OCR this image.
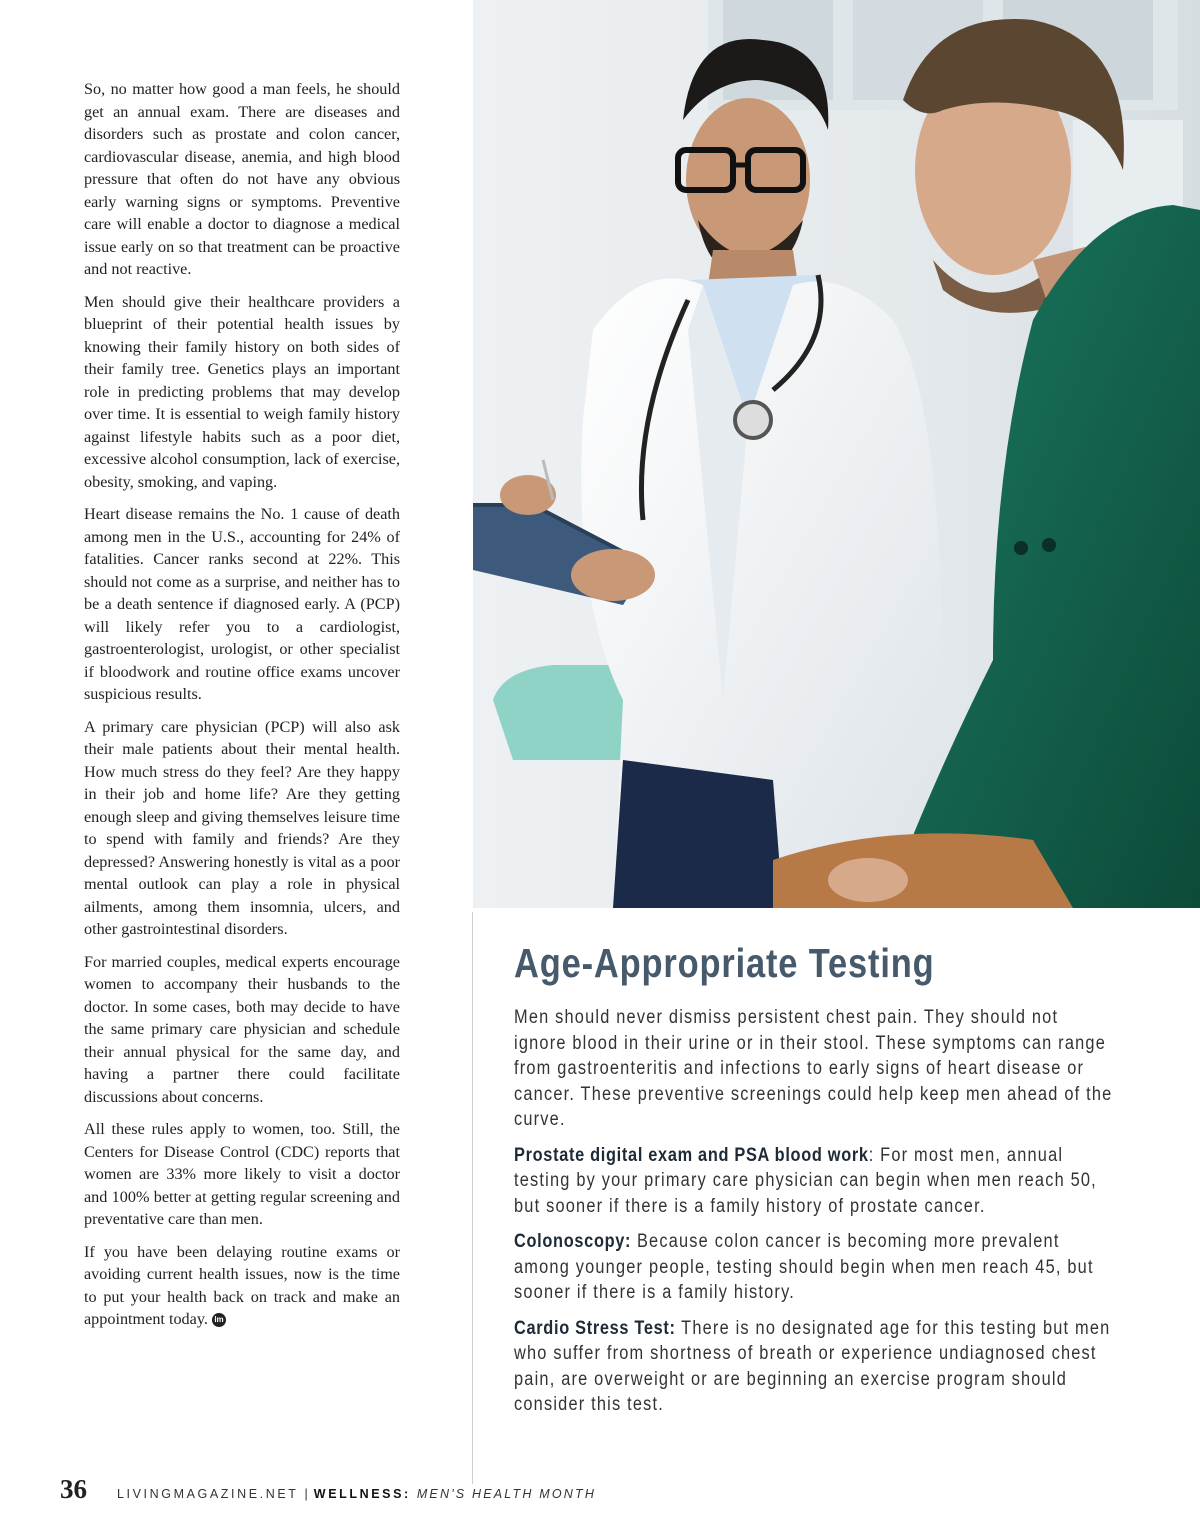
So, no matter how good a man feels, he should get an annual exam. There are diseases and disorders such as prostate and colon cancer, cardiovascular disease, anemia, and high blood pressure that often do not have any obvious early warning signs or symptoms. Preventive care will enable a doctor to diagnose a medical issue early on so that treatment can be proactive and not reactive.

Men should give their healthcare providers a blueprint of their potential health issues by knowing their family history on both sides of their family tree. Genetics plays an important role in predicting problems that may develop over time. It is essential to weigh family history against lifestyle habits such as a poor diet, excessive alcohol consumption, lack of exercise, obesity, smoking, and vaping.

Heart disease remains the No. 1 cause of death among men in the U.S., accounting for 24% of fatalities. Cancer ranks second at 22%. This should not come as a surprise, and neither has to be a death sentence if diagnosed early. A (PCP) will likely refer you to a cardiologist, gastroenterologist, urologist, or other specialist if bloodwork and routine office exams uncover suspicious results.

A primary care physician (PCP) will also ask their male patients about their mental health. How much stress do they feel? Are they happy in their job and home life? Are they getting enough sleep and giving themselves leisure time to spend with family and friends? Are they depressed? Answering honestly is vital as a poor mental outlook can play a role in physical ailments, among them insomnia, ulcers, and other gastrointestinal disorders.

For married couples, medical experts encourage women to accompany their husbands to the doctor. In some cases, both may decide to have the same primary care physician and schedule their annual physical for the same day, and having a partner there could facilitate discussions about concerns.

All these rules apply to women, too. Still, the Centers for Disease Control (CDC) reports that women are 33% more likely to visit a doctor and 100% better at getting regular screening and preventative care than men.

If you have been delaying routine exams or avoiding current health issues, now is the time to put your health back on track and make an appointment today. lm

Age-Appropriate Testing

Men should never dismiss persistent chest pain. They should not ignore blood in their urine or in their stool. These symptoms can range from gastroenteritis and infections to early signs of heart disease or cancer. These preventive screenings could help keep men ahead of the curve.

Prostate digital exam and PSA blood work: For most men, annual testing by your primary care physician can begin when men reach 50, but sooner if there is a family history of prostate cancer.

Colonoscopy: Because colon cancer is becoming more prevalent among younger people, testing should begin when men reach 45, but sooner if there is a family history.

Cardio Stress Test: There is no designated age for this testing but men who suffer from shortness of breath or experience undiagnosed chest pain, are overweight or are beginning an exercise program should consider this test.

36 LIVINGMAGAZINE.NET | WELLNESS: MEN'S HEALTH MONTH
